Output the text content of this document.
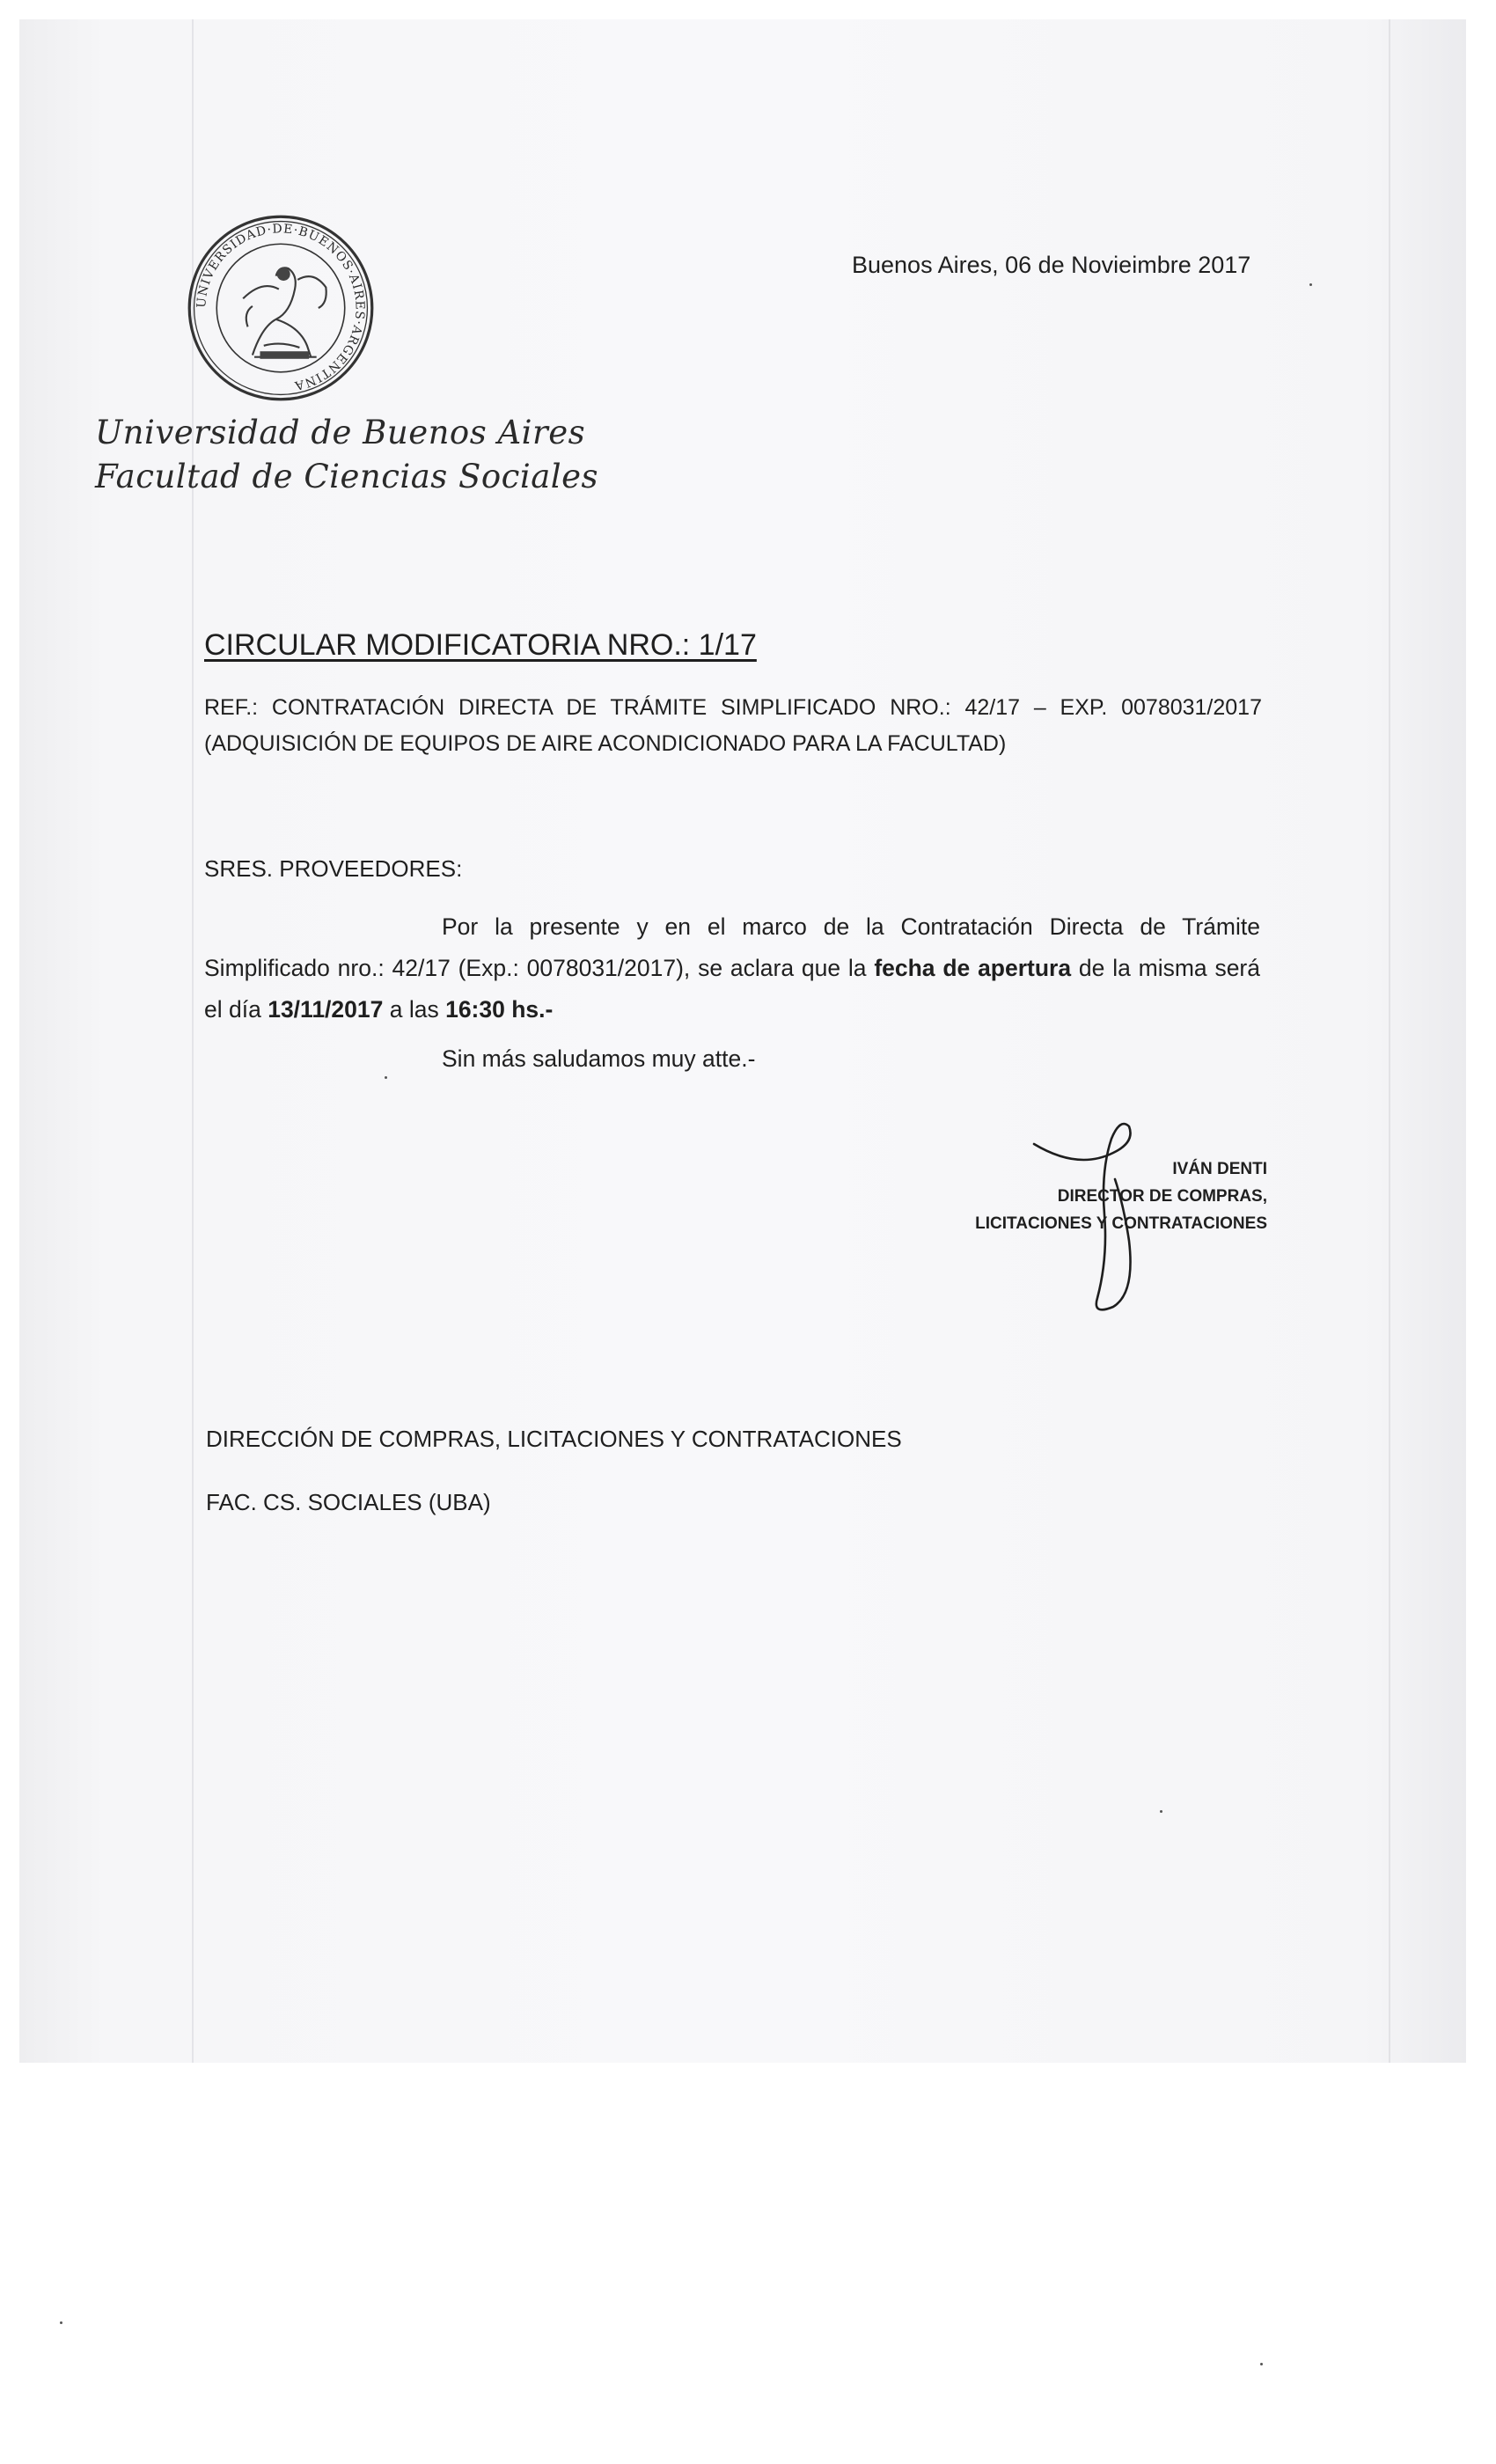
UNIVERSIDAD·DE·BUENOS·AIRES·ARGENTINA
Universidad de Buenos Aires
Facultad de Ciencias Sociales
Buenos Aires, 06 de Novieimbre 2017
CIRCULAR MODIFICATORIA NRO.: 1/17
REF.: CONTRATACIÓN DIRECTA DE TRÁMITE SIMPLIFICADO NRO.: 42/17 – EXP. 0078031/2017
(ADQUISICIÓN DE EQUIPOS DE AIRE ACONDICIONADO PARA LA FACULTAD)
SRES. PROVEEDORES:
Por la presente y en el marco de la Contratación Directa de Trámite Simplificado nro.: 42/17 (Exp.: 0078031/2017), se aclara que la fecha de apertura de la misma será el día 13/11/2017 a las 16:30 hs.-
Sin más saludamos muy atte.-
IVÁN DENTI
DIRECTOR DE COMPRAS,
LICITACIONES Y CONTRATACIONES
DIRECCIÓN DE COMPRAS, LICITACIONES Y CONTRATACIONES
FAC. CS. SOCIALES (UBA)
